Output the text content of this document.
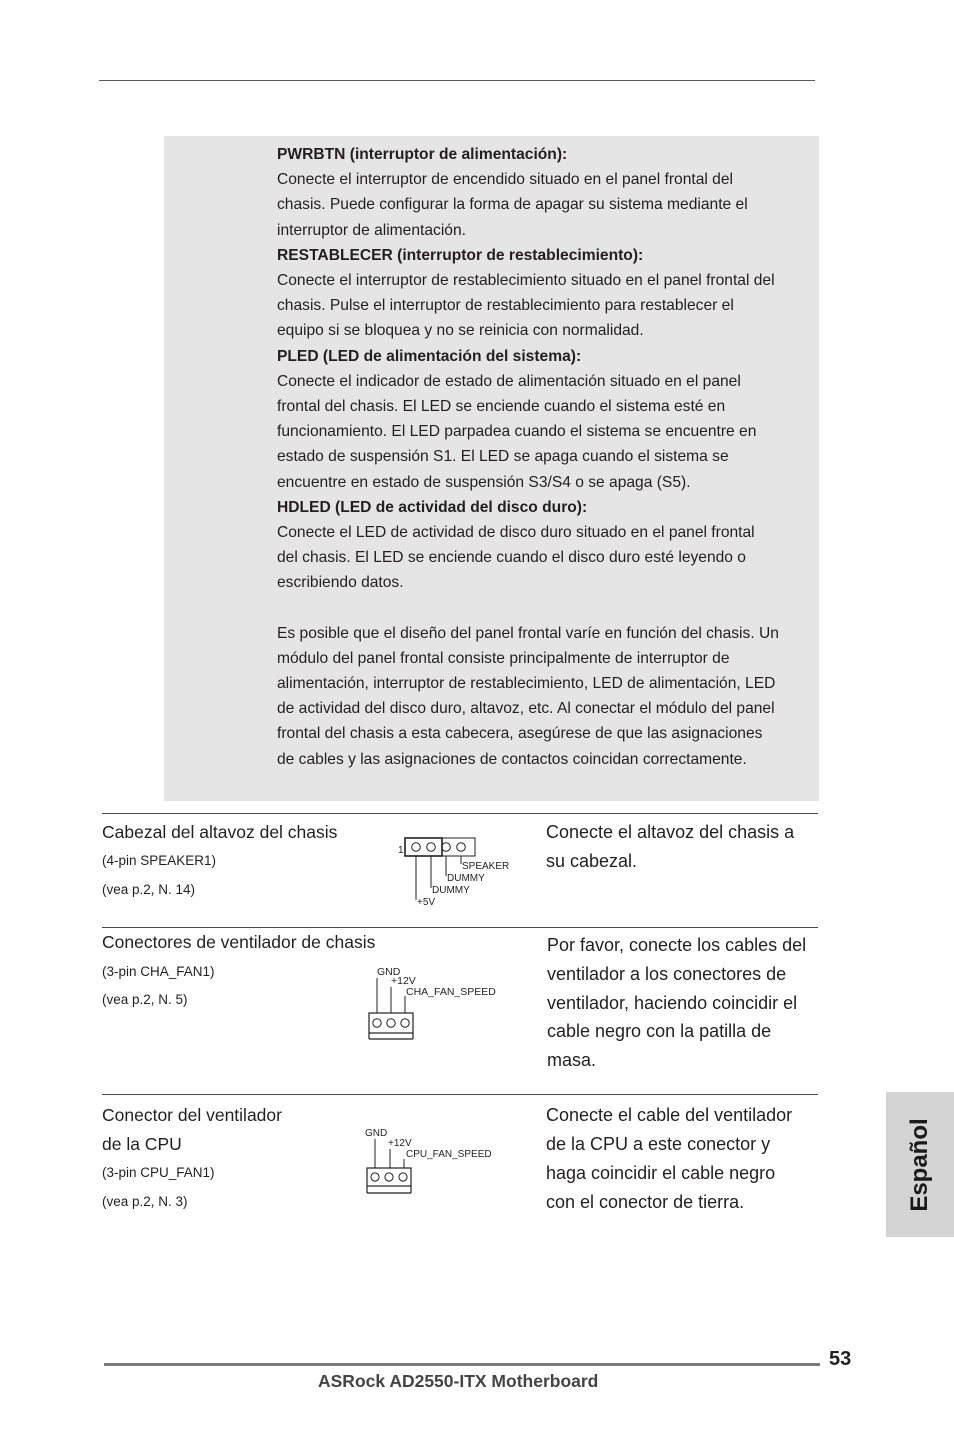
PWRBTN (interruptor de alimentación):

Conecte el interruptor de encendido situado en el panel frontal del

chasis. Puede configurar la forma de apagar su sistema mediante el

interruptor de alimentación.

RESTABLECER (interruptor de restablecimiento):

Conecte el interruptor de restablecimiento situado en el panel frontal del

chasis. Pulse el interruptor de restablecimiento para restablecer el

equipo si se bloquea y no se reinicia con normalidad.

PLED (LED de alimentación del sistema):

Conecte el indicador de estado de alimentación situado en el panel

frontal del chasis. El LED se enciende cuando el sistema esté en

funcionamiento. El LED parpadea cuando el sistema se encuentre en

estado de suspensión S1. El LED se apaga cuando el sistema se

encuentre en estado de suspensión S3/S4 o se apaga (S5).

HDLED (LED de actividad del disco duro):

Conecte el LED de actividad de disco duro situado en el panel frontal

del chasis. El LED se enciende cuando el disco duro esté leyendo o

escribiendo datos.

Es posible que el diseño del panel frontal varíe en función del chasis. Un

módulo del panel frontal consiste principalmente de interruptor de

alimentación, interruptor de restablecimiento, LED de alimentación, LED

de actividad del disco duro, altavoz, etc. Al conectar el módulo del panel

frontal del chasis a esta cabecera, asegúrese de que las asignaciones

de cables y las asignaciones de contactos coincidan correctamente.

Cabezal del altavoz del chasis
(4-pin SPEAKER1)
(vea p.2, N. 14)
1
SPEAKER
DUMMY
DUMMY
+5V
Conecte el altavoz del chasis a
su cabezal.
Conectores de ventilador de chasis
(3-pin CHA_FAN1)
(vea p.2, N. 5)
GND
+12V
CHA_FAN_SPEED
Por favor, conecte los cables del
ventilador a los conectores de
ventilador, haciendo coincidir el
cable negro con la patilla de
masa.
Conector del ventilador
de la CPU
(3-pin CPU_FAN1)
(vea p.2, N. 3)
GND
+12V
CPU_FAN_SPEED
Conecte el cable del ventilador
de la CPU a este conector y
haga coincidir el cable negro
con el conector de tierra.	Español
53
ASRock AD2550-ITX Motherboard
